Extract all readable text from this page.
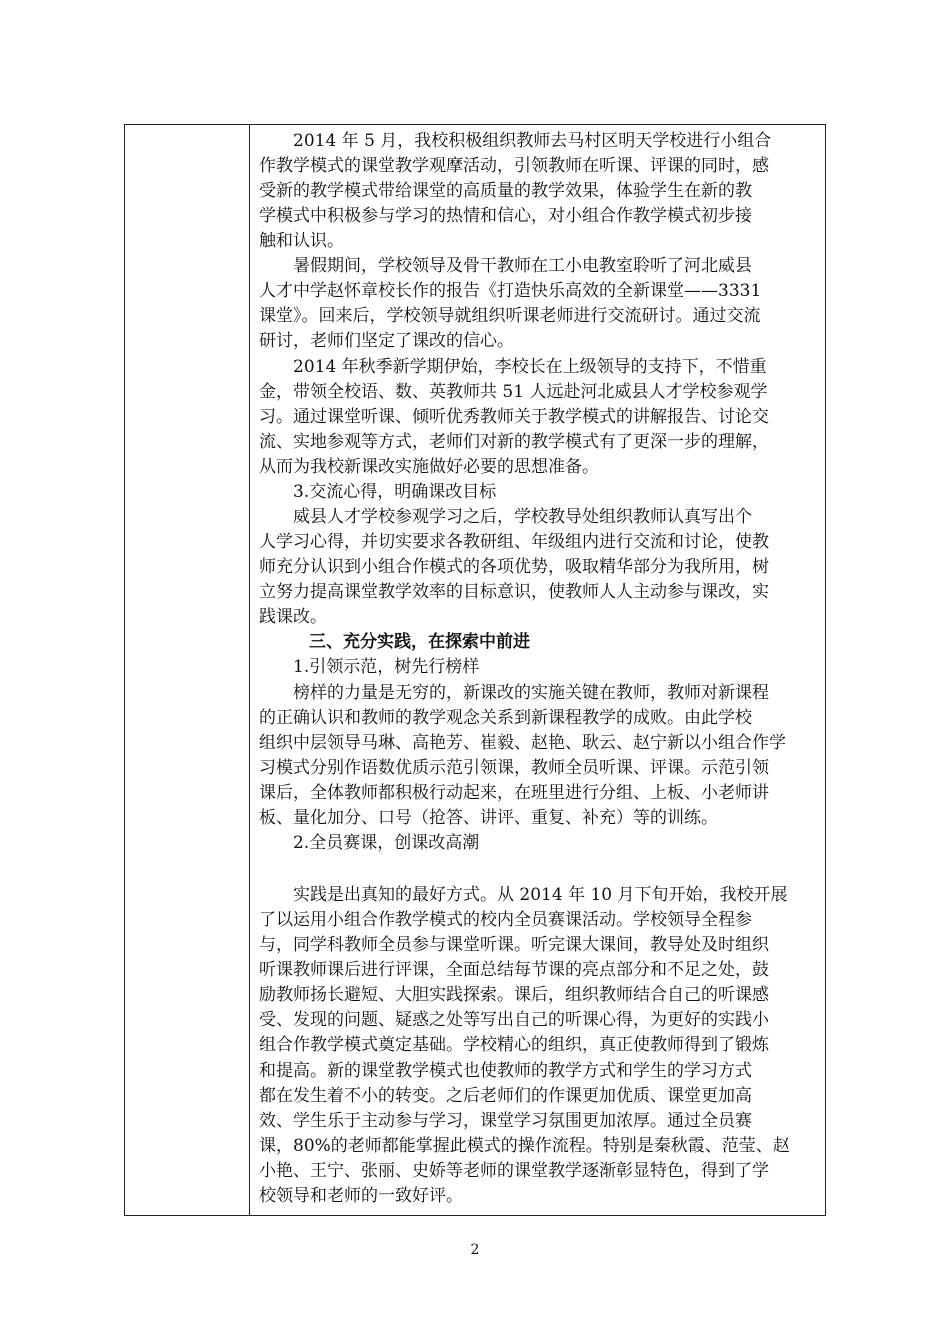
2014 年 5 月，我校积极组织教师去马村区明天学校进行小组合
作教学模式的课堂教学观摩活动，引领教师在听课、评课的同时，感
受新的教学模式带给课堂的高质量的教学效果，体验学生在新的教
学模式中积极参与学习的热情和信心，对小组合作教学模式初步接
触和认识。
暑假期间，学校领导及骨干教师在工小电教室聆听了河北威县
人才中学赵怀章校长作的报告《打造快乐高效的全新课堂——3331
课堂》。回来后，学校领导就组织听课老师进行交流研讨。通过交流
研讨，老师们坚定了课改的信心。
2014 年秋季新学期伊始，李校长在上级领导的支持下，不惜重
金，带领全校语、数、英教师共 51 人远赴河北威县人才学校参观学
习。通过课堂听课、倾听优秀教师关于教学模式的讲解报告、讨论交
流、实地参观等方式，老师们对新的教学模式有了更深一步的理解，
从而为我校新课改实施做好必要的思想准备。
3.交流心得，明确课改目标
威县人才学校参观学习之后，学校教导处组织教师认真写出个
人学习心得，并切实要求各教研组、年级组内进行交流和讨论，使教
师充分认识到小组合作模式的各项优势，吸取精华部分为我所用，树
立努力提高课堂教学效率的目标意识，使教师人人主动参与课改，实
践课改。
三、充分实践，在探索中前进
1.引领示范，树先行榜样
榜样的力量是无穷的，新课改的实施关键在教师，教师对新课程
的正确认识和教师的教学观念关系到新课程教学的成败。由此学校
组织中层领导马琳、高艳芳、崔毅、赵艳、耿云、赵宁新以小组合作学
习模式分别作语数优质示范引领课，教师全员听课、评课。示范引领
课后，全体教师都积极行动起来，在班里进行分组、上板、小老师讲
板、量化加分、口号（抢答、讲评、重复、补充）等的训练。
2.全员赛课，创课改高潮
实践是出真知的最好方式。从 2014 年 10 月下旬开始，我校开展
了以运用小组合作教学模式的校内全员赛课活动。学校领导全程参
与，同学科教师全员参与课堂听课。听完课大课间，教导处及时组织
听课教师课后进行评课，全面总结每节课的亮点部分和不足之处，鼓
励教师扬长避短、大胆实践探索。课后，组织教师结合自己的听课感
受、发现的问题、疑惑之处等写出自己的听课心得，为更好的实践小
组合作教学模式奠定基础。学校精心的组织，真正使教师得到了锻炼
和提高。新的课堂教学模式也使教师的教学方式和学生的学习方式
都在发生着不小的转变。之后老师们的作课更加优质、课堂更加高
效、学生乐于主动参与学习，课堂学习氛围更加浓厚。通过全员赛
课，80%的老师都能掌握此模式的操作流程。特别是秦秋霞、范莹、赵
小艳、王宁、张丽、史娇等老师的课堂教学逐渐彰显特色，得到了学
校领导和老师的一致好评。
2
